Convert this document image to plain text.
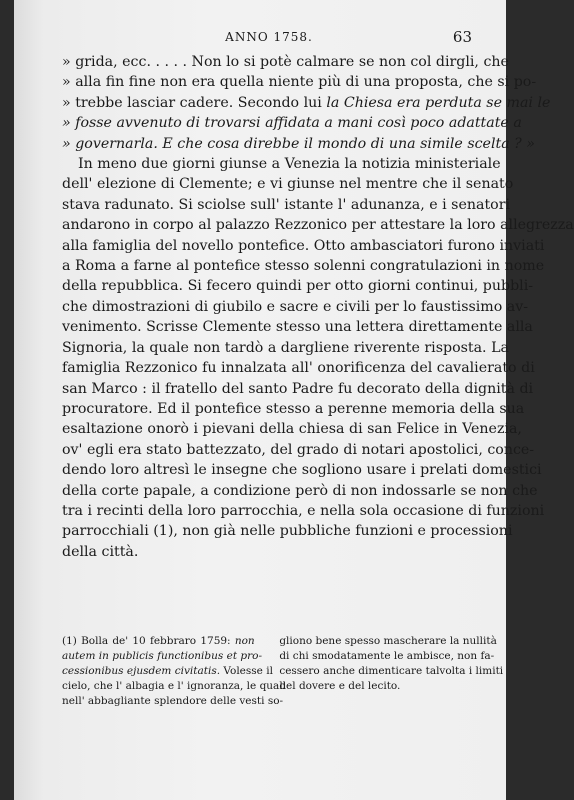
ANNO 1758.	63
» grida, ecc. . . . . Non lo si potè calmare se non col dirgli, che
» alla fin fine non era quella niente più di una proposta, che si po-
» trebbe lasciar cadere. Secondo lui la Chiesa era perduta se mai le
» fosse avvenuto di trovarsi affidata a mani così poco adattate a
» governarla. E che cosa direbbe il mondo di una simile scelta ? »
In meno due giorni giunse a Venezia la notizia ministeriale
dell' elezione di Clemente; e vi giunse nel mentre che il senato
stava radunato. Si sciolse sull' istante l' adunanza, e i senatori
andarono in corpo al palazzo Rezzonico per attestare la loro allegrezza
alla famiglia del novello pontefice. Otto ambasciatori furono inviati
a Roma a farne al pontefice stesso solenni congratulazioni in nome
della repubblica. Si fecero quindi per otto giorni continui, pubbli-
che dimostrazioni di giubilo e sacre e civili per lo faustissimo av-
venimento. Scrisse Clemente stesso una lettera direttamente alla
Signoria, la quale non tardò a dargliene riverente risposta. La
famiglia Rezzonico fu innalzata all' onorificenza del cavalierato di
san Marco : il fratello del santo Padre fu decorato della dignità di
procuratore. Ed il pontefice stesso a perenne memoria della sua
esaltazione onorò i pievani della chiesa di san Felice in Venezia,
ov' egli era stato battezzato, del grado di notari apostolici, conce-
dendo loro altresì le insegne che sogliono usare i prelati domestici
della corte papale, a condizione però di non indossarle se non che
tra i recinti della loro parrocchia, e nella sola occasione di funzioni
parrocchiali (1), non già nelle pubbliche funzioni e processioni
della città.
(1) Bolla de' 10 febbraro 1759: non
autem in publicis functionibus et pro-
cessionibus ejusdem civitatis. Volesse il
cielo, che l' albagia e l' ignoranza, le quali
nell' abbagliante splendore delle vesti so-
gliono bene spesso mascherare la nullità
di chi smodatamente le ambisce, non fa-
cessero anche dimenticare talvolta i limiti
del dovere e del lecito.
